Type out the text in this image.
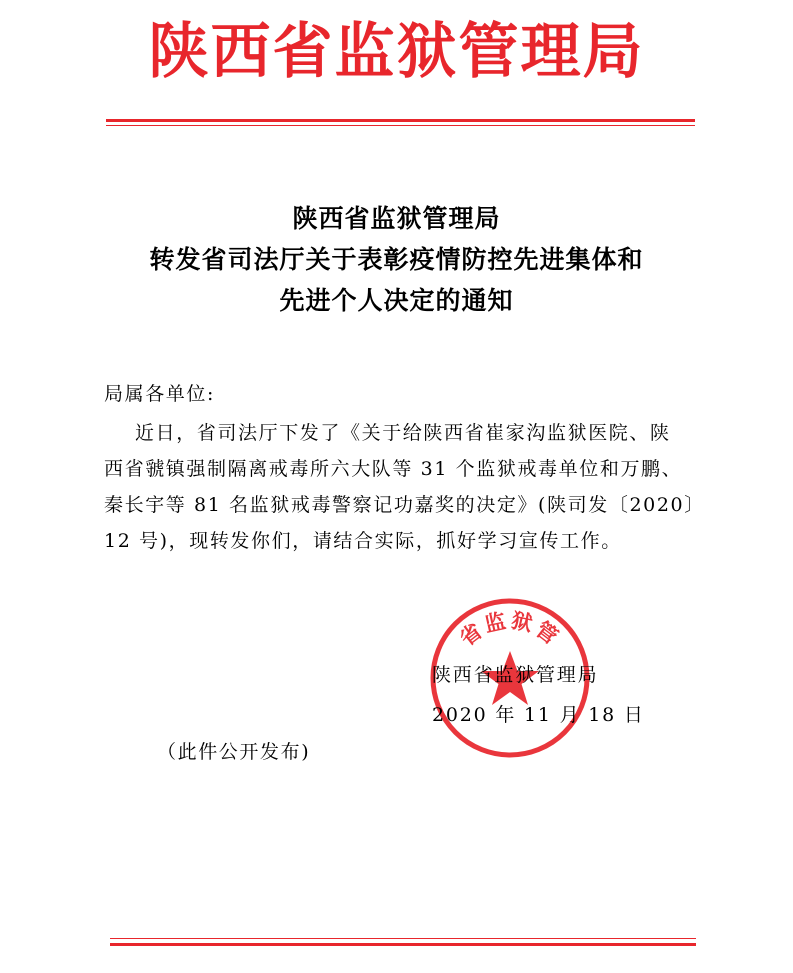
陕西省监狱管理局
陕西省监狱管理局
转发省司法厅关于表彰疫情防控先进集体和
先进个人决定的通知
局属各单位:
近日，省司法厅下发了《关于给陕西省崔家沟监狱医院、陕
西省虢镇强制隔离戒毒所六大队等 31 个监狱戒毒单位和万鹏、
秦长宇等 81 名监狱戒毒警察记功嘉奖的决定》(陕司发〔2020〕
12 号)，现转发你们，请结合实际，抓好学习宣传工作。
省监狱管
陕西省监狱管理局
2020 年 11 月 18 日
（此件公开发布)
